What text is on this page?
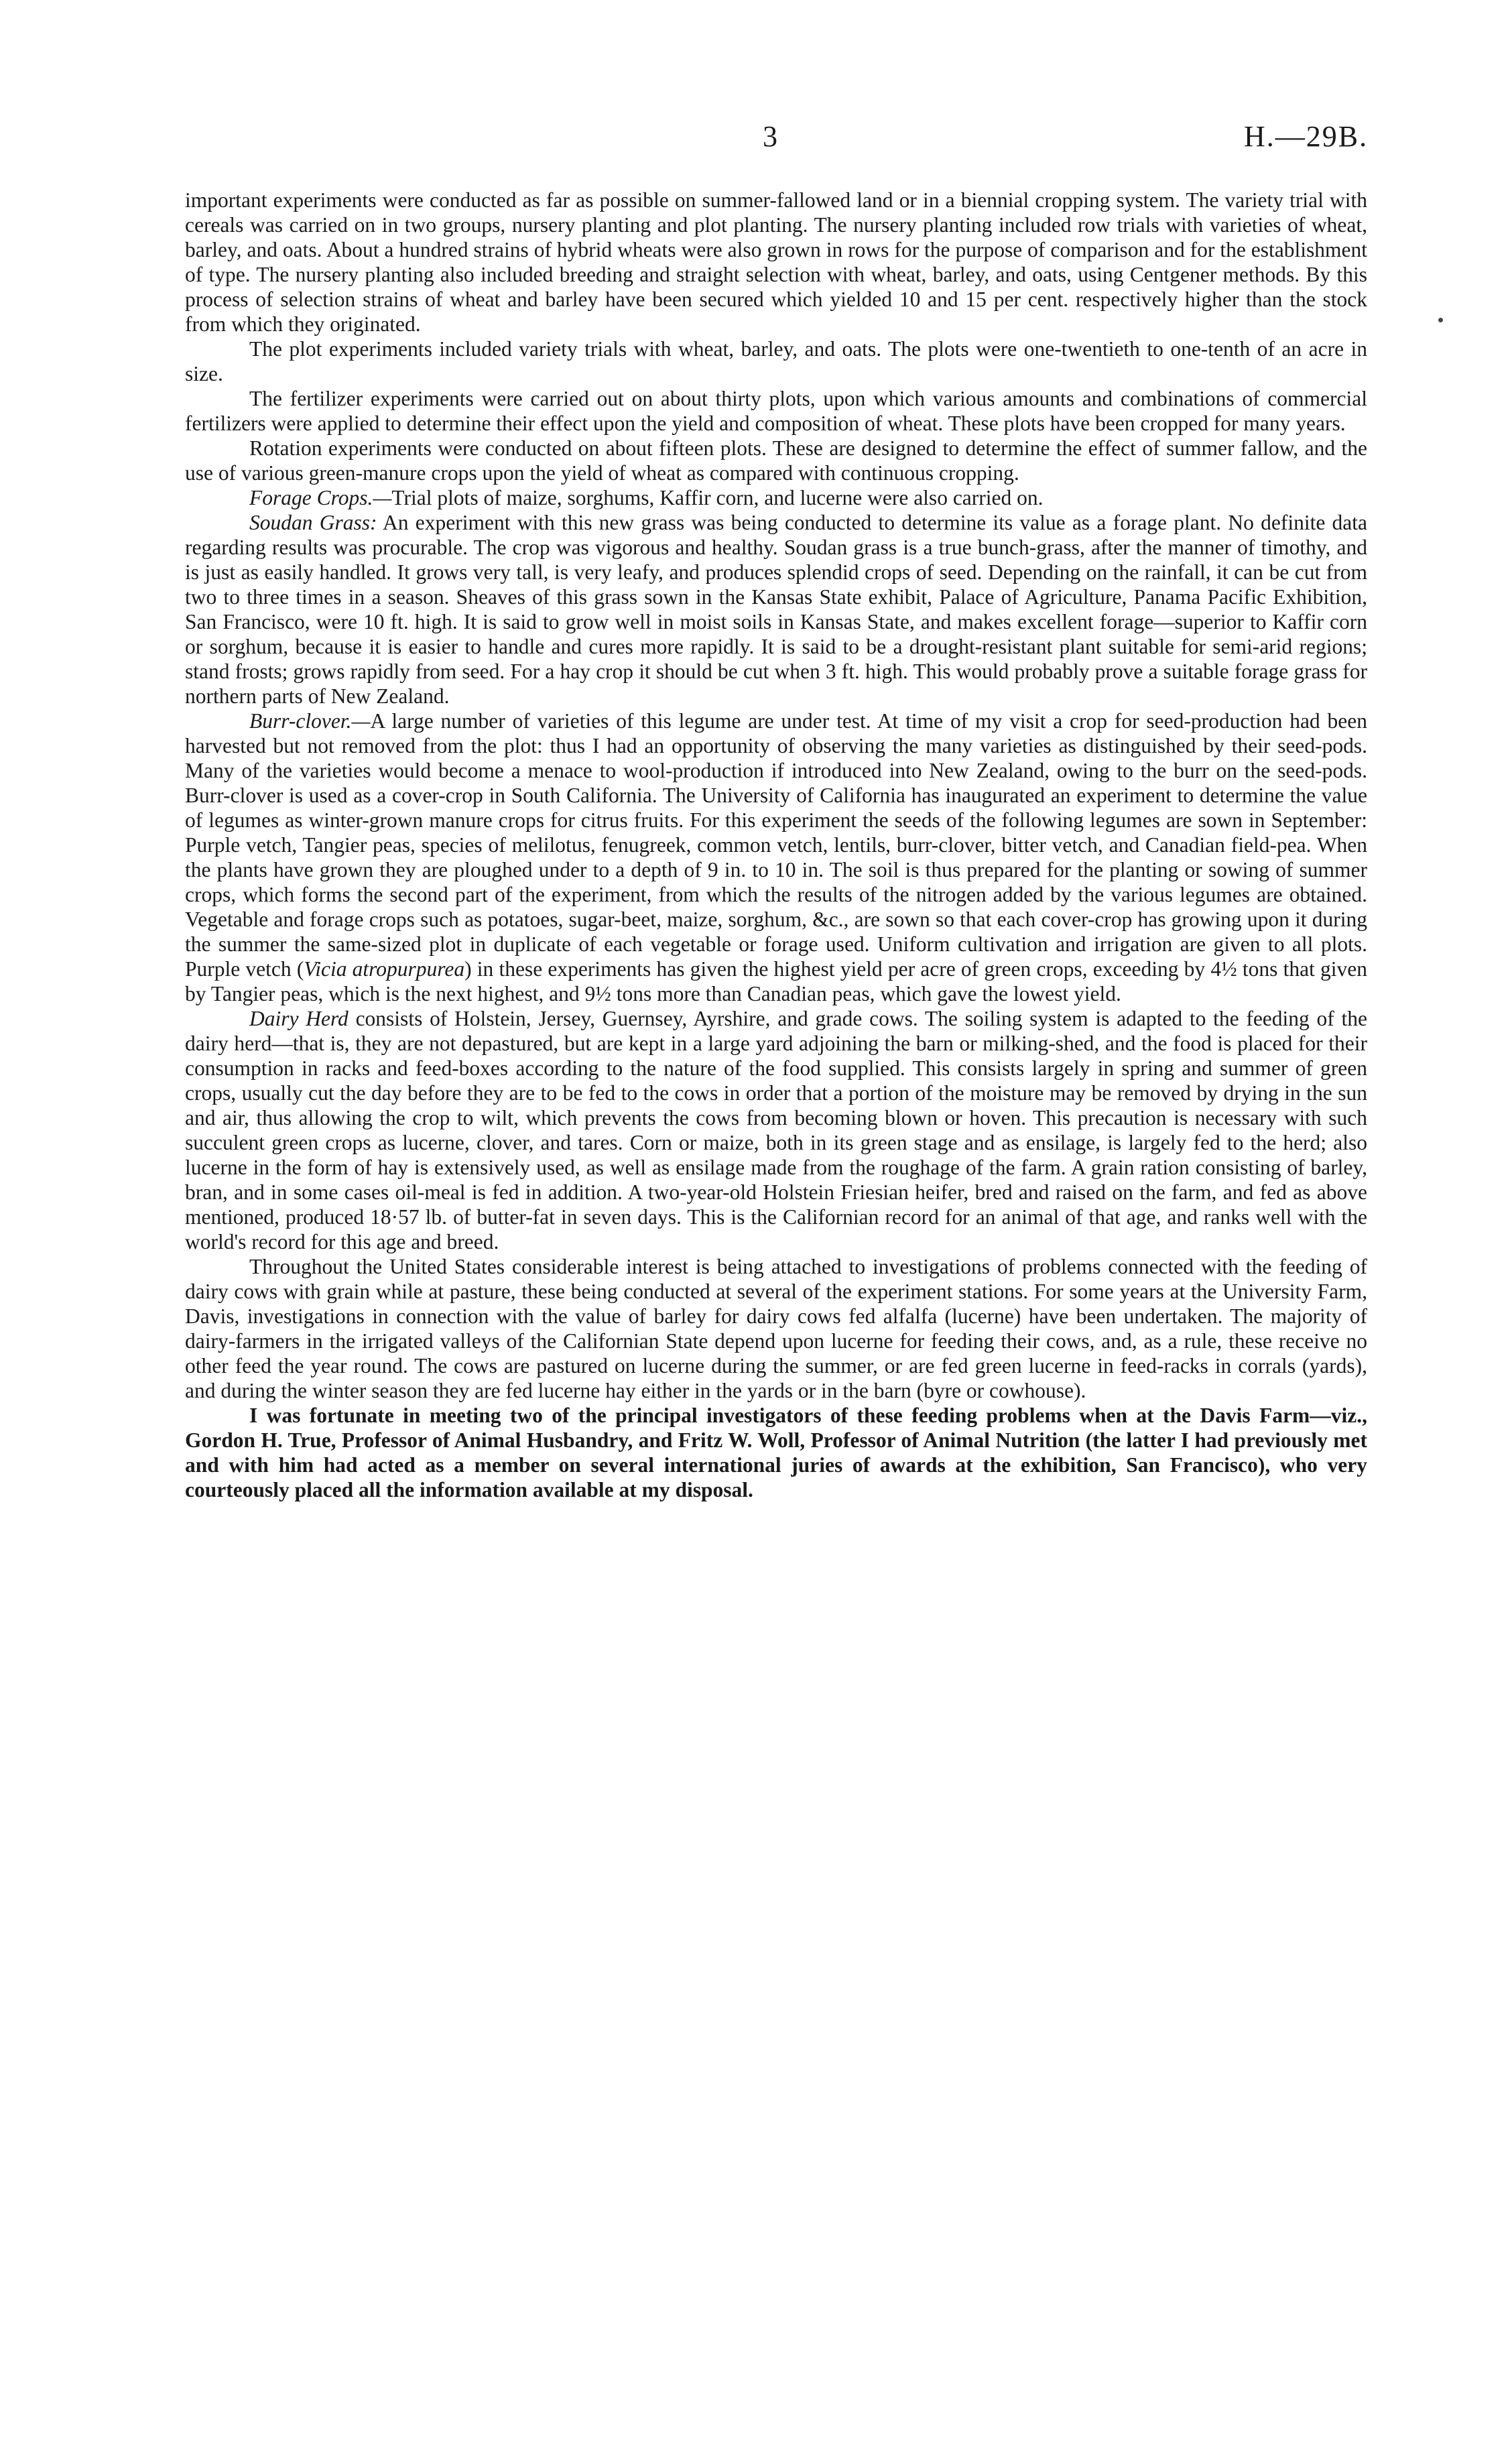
3	H.—29B.

important experiments were conducted as far as possible on summer-fallowed land or in a biennial cropping system. The variety trial with cereals was carried on in two groups, nursery planting and plot planting. The nursery planting included row trials with varieties of wheat, barley, and oats. About a hundred strains of hybrid wheats were also grown in rows for the purpose of comparison and for the establishment of type. The nursery planting also included breeding and straight selection with wheat, barley, and oats, using Centgener methods. By this process of selection strains of wheat and barley have been secured which yielded 10 and 15 per cent. respectively higher than the stock from which they originated.

The plot experiments included variety trials with wheat, barley, and oats. The plots were one-twentieth to one-tenth of an acre in size.

The fertilizer experiments were carried out on about thirty plots, upon which various amounts and combinations of commercial fertilizers were applied to determine their effect upon the yield and composition of wheat. These plots have been cropped for many years.

Rotation experiments were conducted on about fifteen plots. These are designed to determine the effect of summer fallow, and the use of various green-manure crops upon the yield of wheat as compared with continuous cropping.

Forage Crops.—Trial plots of maize, sorghums, Kaffir corn, and lucerne were also carried on.

Soudan Grass: An experiment with this new grass was being conducted to determine its value as a forage plant. No definite data regarding results was procurable. The crop was vigorous and healthy. Soudan grass is a true bunch-grass, after the manner of timothy, and is just as easily handled. It grows very tall, is very leafy, and produces splendid crops of seed. Depending on the rainfall, it can be cut from two to three times in a season. Sheaves of this grass sown in the Kansas State exhibit, Palace of Agriculture, Panama Pacific Exhibition, San Francisco, were 10 ft. high. It is said to grow well in moist soils in Kansas State, and makes excellent forage—superior to Kaffir corn or sorghum, because it is easier to handle and cures more rapidly. It is said to be a drought-resistant plant suitable for semi-arid regions; stand frosts; grows rapidly from seed. For a hay crop it should be cut when 3 ft. high. This would probably prove a suitable forage grass for northern parts of New Zealand.

Burr-clover.—A large number of varieties of this legume are under test. At time of my visit a crop for seed-production had been harvested but not removed from the plot: thus I had an opportunity of observing the many varieties as distinguished by their seed-pods. Many of the varieties would become a menace to wool-production if introduced into New Zealand, owing to the burr on the seed-pods. Burr-clover is used as a cover-crop in South California. The University of California has inaugurated an experiment to determine the value of legumes as winter-grown manure crops for citrus fruits. For this experiment the seeds of the following legumes are sown in September: Purple vetch, Tangier peas, species of melilotus, fenugreek, common vetch, lentils, burr-clover, bitter vetch, and Canadian field-pea. When the plants have grown they are ploughed under to a depth of 9 in. to 10 in. The soil is thus prepared for the planting or sowing of summer crops, which forms the second part of the experiment, from which the results of the nitrogen added by the various legumes are obtained. Vegetable and forage crops such as potatoes, sugar-beet, maize, sorghum, &c., are sown so that each cover-crop has growing upon it during the summer the same-sized plot in duplicate of each vegetable or forage used. Uniform cultivation and irrigation are given to all plots. Purple vetch (Vicia atropurpurea) in these experiments has given the highest yield per acre of green crops, exceeding by 4½ tons that given by Tangier peas, which is the next highest, and 9½ tons more than Canadian peas, which gave the lowest yield.

Dairy Herd consists of Holstein, Jersey, Guernsey, Ayrshire, and grade cows. The soiling system is adapted to the feeding of the dairy herd—that is, they are not depastured, but are kept in a large yard adjoining the barn or milking-shed, and the food is placed for their consumption in racks and feed-boxes according to the nature of the food supplied. This consists largely in spring and summer of green crops, usually cut the day before they are to be fed to the cows in order that a portion of the moisture may be removed by drying in the sun and air, thus allowing the crop to wilt, which prevents the cows from becoming blown or hoven. This precaution is necessary with such succulent green crops as lucerne, clover, and tares. Corn or maize, both in its green stage and as ensilage, is largely fed to the herd; also lucerne in the form of hay is extensively used, as well as ensilage made from the roughage of the farm. A grain ration consisting of barley, bran, and in some cases oil-meal is fed in addition. A two-year-old Holstein Friesian heifer, bred and raised on the farm, and fed as above mentioned, produced 18·57 lb. of butter-fat in seven days. This is the Californian record for an animal of that age, and ranks well with the world's record for this age and breed.

Throughout the United States considerable interest is being attached to investigations of problems connected with the feeding of dairy cows with grain while at pasture, these being conducted at several of the experiment stations. For some years at the University Farm, Davis, investigations in connection with the value of barley for dairy cows fed alfalfa (lucerne) have been undertaken. The majority of dairy-farmers in the irrigated valleys of the Californian State depend upon lucerne for feeding their cows, and, as a rule, these receive no other feed the year round. The cows are pastured on lucerne during the summer, or are fed green lucerne in feed-racks in corrals (yards), and during the winter season they are fed lucerne hay either in the yards or in the barn (byre or cowhouse).

I was fortunate in meeting two of the principal investigators of these feeding problems when at the Davis Farm—viz., Gordon H. True, Professor of Animal Husbandry, and Fritz W. Woll, Professor of Animal Nutrition (the latter I had previously met and with him had acted as a member on several international juries of awards at the exhibition, San Francisco), who very courteously placed all the information available at my disposal.
